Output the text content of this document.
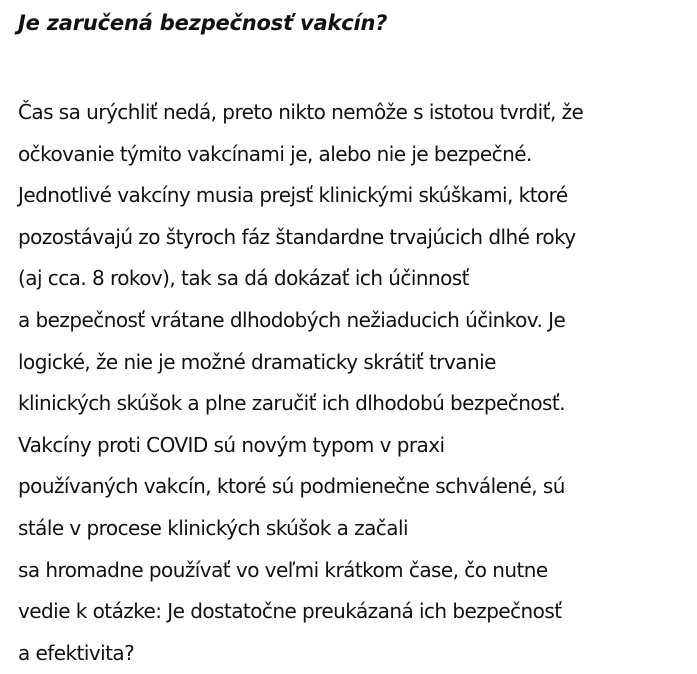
Je zaručená bezpečnosť vakcín?

Čas sa urýchliť nedá, preto nikto nemôže s istotou tvrdiť, že
očkovanie týmito vakcínami je, alebo nie je bezpečné.
Jednotlivé vakcíny musia prejsť klinickými skúškami, ktoré
pozostávajú zo štyroch fáz štandardne trvajúcich dlhé roky
(aj cca. 8 rokov), tak sa dá dokázať ich účinnosť
a bezpečnosť vrátane dlhodobých nežiaducich účinkov. Je
logické, že nie je možné dramaticky skrátiť trvanie
klinických skúšok a plne zaručiť ich dlhodobú bezpečnosť.
Vakcíny proti COVID sú novým typom v praxi
používaných vakcín, ktoré sú podmienečne schválené, sú
stále v procese klinických skúšok a začali
sa hromadne používať vo veľmi krátkom čase, čo nutne
vedie k otázke: Je dostatočne preukázaná ich bezpečnosť
a efektivita?
